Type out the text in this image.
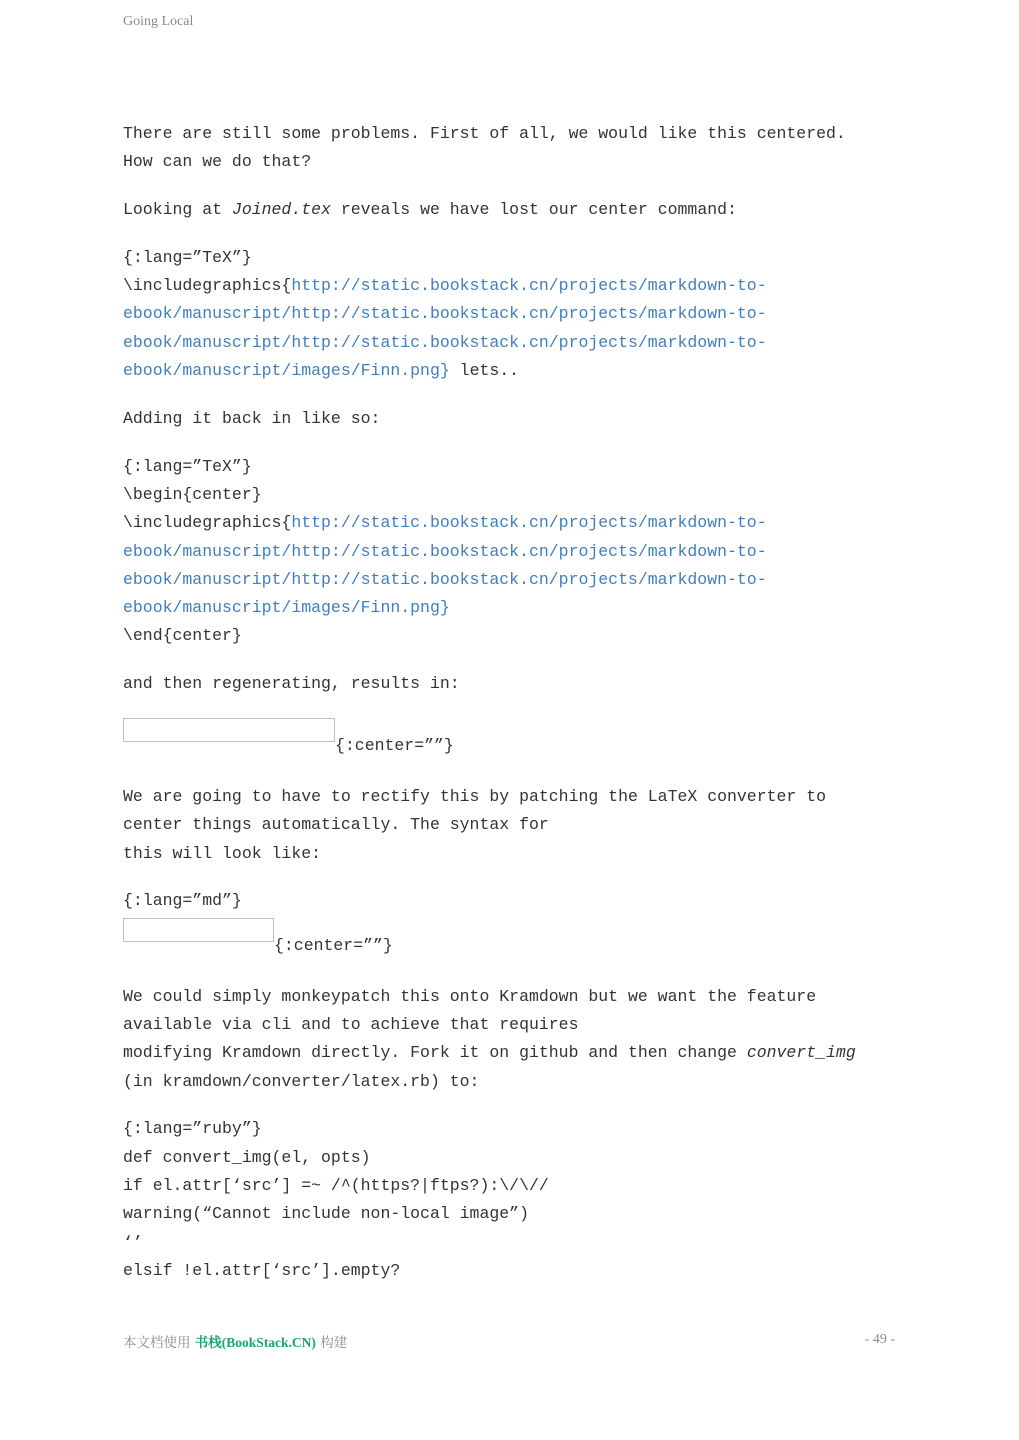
Going Local

There are still some problems. First of all, we would like this centered.
How can we do that?

Looking at Joined.tex reveals we have lost our center command:

{:lang=”TeX”}
\includegraphics{http://static.bookstack.cn/projects/markdown-to-
ebook/manuscript/http://static.bookstack.cn/projects/markdown-to-
ebook/manuscript/http://static.bookstack.cn/projects/markdown-to-
ebook/manuscript/images/Finn.png} lets..

Adding it back in like so:

{:lang=”TeX”}
\begin{center}
\includegraphics{http://static.bookstack.cn/projects/markdown-to-
ebook/manuscript/http://static.bookstack.cn/projects/markdown-to-
ebook/manuscript/http://static.bookstack.cn/projects/markdown-to-
ebook/manuscript/images/Finn.png}
\end{center}

and then regenerating, results in:

{:center=””}

We are going to have to rectify this by patching the LaTeX converter to
center things automatically. The syntax for
this will look like:

{:lang=”md”}

{:center=””}

We could simply monkeypatch this onto Kramdown but we want the feature
available via cli and to achieve that requires
modifying Kramdown directly. Fork it on github and then change convert_img
(in kramdown/converter/latex.rb) to:

{:lang=”ruby”}
def convert_img(el, opts)
if el.attr[‘src’] =~ /^(https?|ftps?):\/\//
warning(“Cannot include non-local image”)
‘’
elsif !el.attr[‘src’].empty?

本文档使用 书栈(BookStack.CN) 构建	- 49 -
